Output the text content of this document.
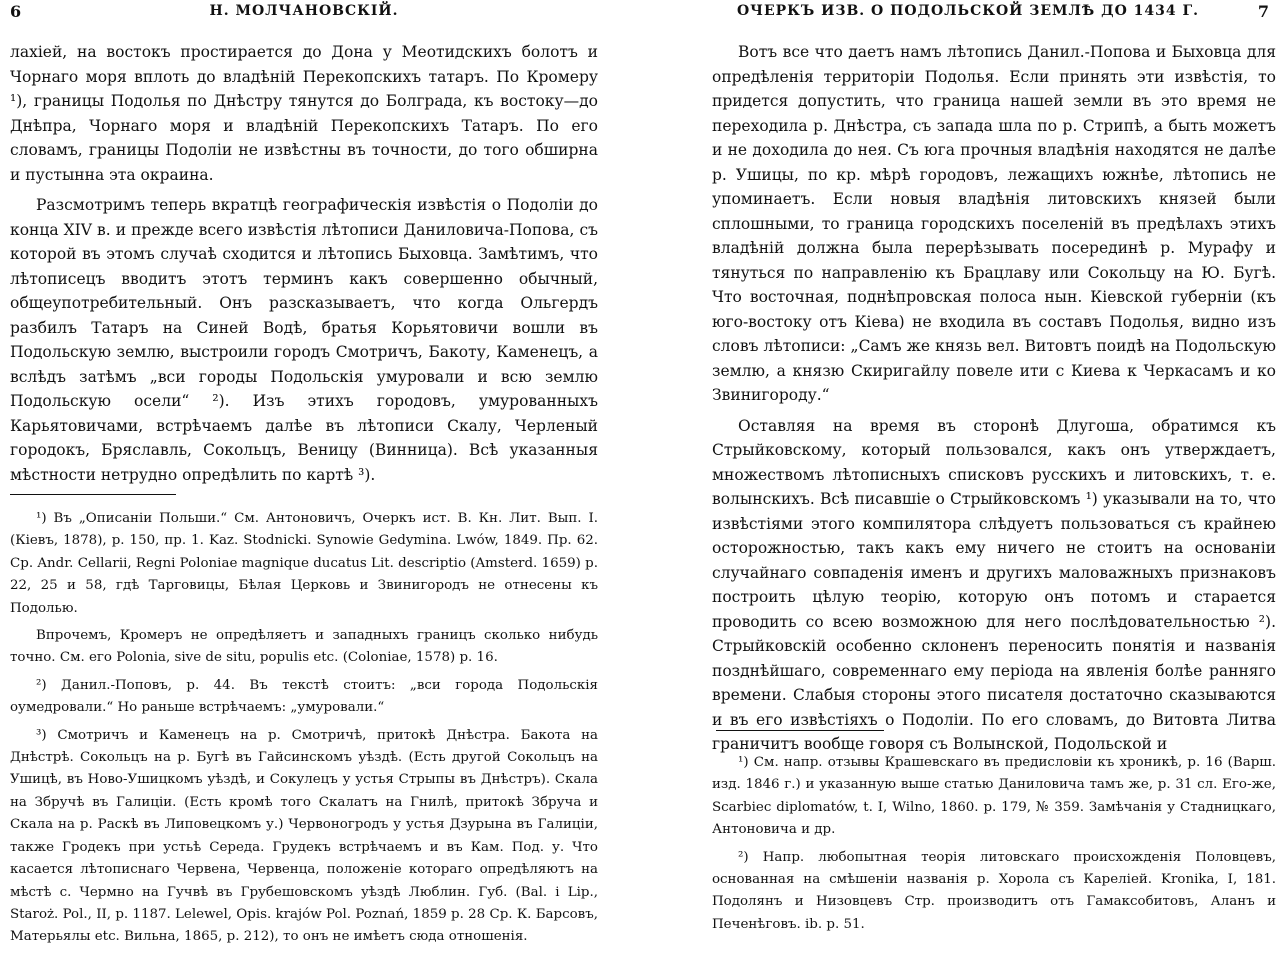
6	Н. МОЛЧАНОВСКІЙ.

лахіей, на востокъ простирается до Дона у Меотидскихъ болотъ и Чорнаго моря вплоть до владѣній Перекопскихъ татаръ. По Кромеру ¹), границы Подолья по Днѣстру тянутся до Болграда, къ востоку—до Днѣпра, Чорнаго моря и владѣній Перекопскихъ Татаръ. По его словамъ, границы Подоліи не извѣстны въ точности, до того обширна и пустынна эта окраина.

Разсмотримъ теперь вкратцѣ географическія извѣстія о Подоліи до конца XIV в. и прежде всего извѣстія лѣтописи Даниловича-Попова, съ которой въ этомъ случаѣ сходится и лѣтопись Быховца. Замѣтимъ, что лѣтописецъ вводитъ этотъ терминъ какъ совершенно обычный, общеупотребительный. Онъ разсказываетъ, что когда Ольгердъ разбилъ Татаръ на Синей Водѣ, братья Корьятовичи вошли въ Подольскую землю, выстроили городъ Смотричъ, Бакоту, Каменецъ, а вслѣдъ затѣмъ „вси городы Подольскія умуровали и всю землю Подольскую осели“ ²). Изъ этихъ городовъ, умурованныхъ Карьятовичами, встрѣчаемъ далѣе въ лѣтописи Скалу, Черленый городокъ, Бряславль, Сокольцъ, Веницу (Винница). Всѣ указанныя мѣстности нетрудно опредѣлить по картѣ ³).

¹) Въ „Описаніи Польши.“ См. Антоновичъ, Очеркъ ист. В. Кн. Лит. Вып. I. (Кіевъ, 1878), р. 150, пр. 1. Kaz. Stodnicki. Synowie Gedymina. Lwów, 1849. Пр. 62. Ср. Andr. Cellarii, Regni Poloniae magnique ducatus Lit. descriptio (Amsterd. 1659) р. 22, 25 и 58, гдѣ Тарговицы, Бѣлая Церковь и Звинигородъ не отнесены къ Подолью.

Впрочемъ, Кромеръ не опредѣляетъ и западныхъ границъ сколько нибудь точно. См. его Polonia, sive de situ, populis etc. (Coloniae, 1578) р. 16.

²) Данил.-Поповъ, р. 44. Въ текстѣ стоитъ: „вси города Подольскія оумедровали.“ Но раньше встрѣчаемъ: „умуровали.“

³) Смотричъ и Каменецъ на р. Смотричѣ, притокѣ Днѣстра. Бакота на Днѣстрѣ. Сокольцъ на р. Бугѣ въ Гайсинскомъ уѣздѣ. (Есть другой Сокольцъ на Ушицѣ, въ Ново-Ушицкомъ уѣздѣ, и Сокулецъ у устья Стрыпы въ Днѣстръ). Скала на Збручѣ въ Галиціи. (Есть кромѣ того Скалатъ на Гнилѣ, притокѣ Збруча и Скала на р. Раскѣ въ Липовецкомъ у.) Червоногродъ у устья Дзурына въ Галиціи, также Гродекъ при устьѣ Середа. Грудекъ встрѣчаемъ и въ Кам. Под. у. Что касается лѣтописнаго Червена, Червенца, положеніе котораго опредѣляютъ на мѣстѣ с. Чермно на Гучвѣ въ Грубешовскомъ уѣздѣ Люблин. Губ. (Bal. i Lip., Staroż. Pol., II, р. 1187. Lelewel, Opis. krajów Pol. Poznań, 1859 р. 28 Ср. К. Барсовъ, Матерьялы etc. Вильна, 1865, р. 212), то онъ не имѣетъ сюда отношенія.

ОЧЕРКЪ ИЗВ. О ПОДОЛЬСКОЙ ЗЕМЛѢ ДО 1434 Г.	7

Вотъ все что даетъ намъ лѣтопись Данил.-Попова и Быховца для опредѣленія территоріи Подолья. Если принять эти извѣстія, то придется допустить, что граница нашей земли въ это время не переходила р. Днѣстра, съ запада шла по р. Стрипѣ, а быть можетъ и не доходила до нея. Съ юга прочныя владѣнія находятся не далѣе р. Ушицы, по кр. мѣрѣ городовъ, лежащихъ южнѣе, лѣтопись не упоминаетъ. Если новыя владѣнія литовскихъ князей были сплошными, то граница городскихъ поселеній въ предѣлахъ этихъ владѣній должна была перерѣзывать посерединѣ р. Мурафу и тянуться по направленію къ Брацлаву или Сокольцу на Ю. Бугѣ. Что восточная, поднѣпровская полоса нын. Кіевской губерніи (къ юго-востоку отъ Кіева) не входила въ составъ Подолья, видно изъ словъ лѣтописи: „Самъ же князь вел. Витовтъ поидѣ на Подольскую землю, а князю Скиригайлу повеле ити с Киева к Черкасамъ и ко Звинигороду.“

Оставляя на время въ сторонѣ Длугоша, обратимся къ Стрыйковскому, который пользовался, какъ онъ утверждаетъ, множествомъ лѣтописныхъ списковъ русскихъ и литовскихъ, т. е. волынскихъ. Всѣ писавшіе о Стрыйковскомъ ¹) указывали на то, что извѣстіями этого компилятора слѣдуетъ пользоваться съ крайнею осторожностью, такъ какъ ему ничего не стоитъ на основаніи случайнаго совпаденія именъ и другихъ маловажныхъ признаковъ построить цѣлую теорію, которую онъ потомъ и старается проводить со всею возможною для него послѣдовательностью ²). Стрыйковскій особенно склоненъ переносить понятія и названія позднѣйшаго, современнаго ему періода на явленія болѣе ранняго времени. Слабыя стороны этого писателя достаточно сказываются и въ его извѣстіяхъ о Подоліи. По его словамъ, до Витовта Литва граничитъ вообще говоря съ Волынской, Подольской и

¹) См. напр. отзывы Крашевскаго въ предисловіи къ хроникѣ, р. 16 (Варш. изд. 1846 г.) и указанную выше статью Даниловича тамъ же, р. 31 сл. Его-же, Scarbiec diplomatów, t. I, Wilno, 1860. р. 179, № 359. Замѣчанія у Стадницкаго, Антоновича и др.

²) Напр. любопытная теорія литовскаго происхожденія Половцевъ, основанная на смѣшеніи названія р. Хорола съ Кареліей. Kronika, I, 181. Подолянъ и Низовцевъ Стр. производитъ отъ Гамаксобитовъ, Аланъ и Печенѣговъ. ib. р. 51.
